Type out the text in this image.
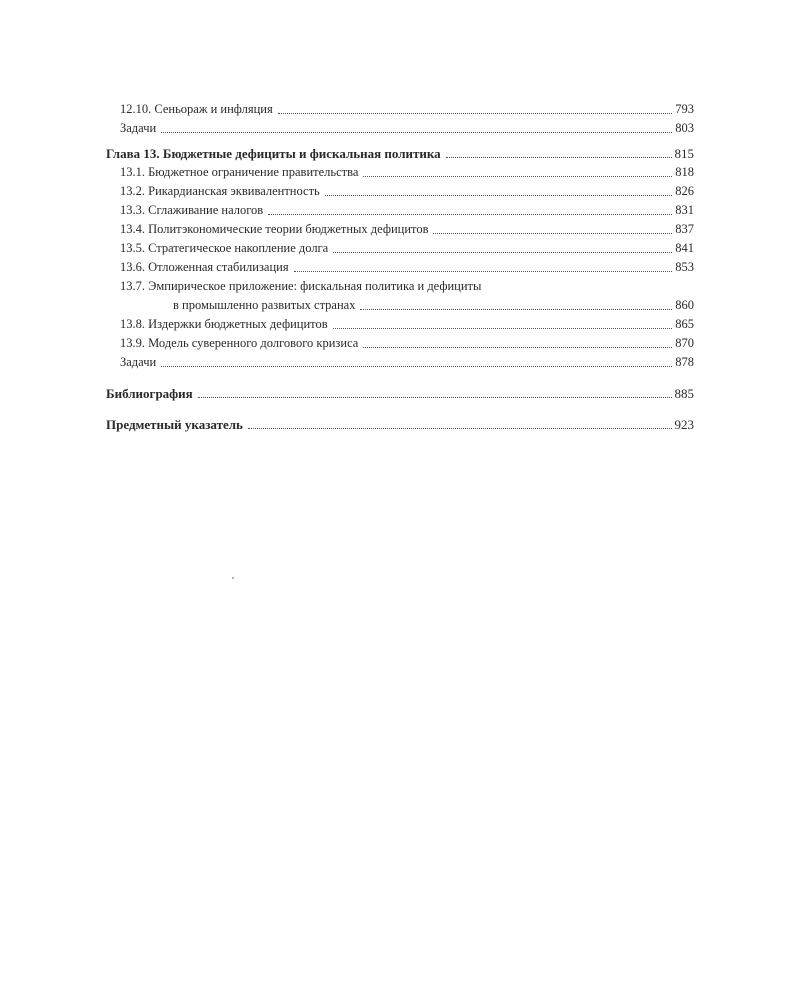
12.10. Сеньораж и инфляция	793
Задачи	803
Глава 13. Бюджетные дефициты и фискальная политика	815
13.1. Бюджетное ограничение правительства	818
13.2. Рикардианская эквивалентность	826
13.3. Сглаживание налогов	831
13.4. Политэкономические теории бюджетных дефицитов	837
13.5. Стратегическое накопление долга	841
13.6. Отложенная стабилизация	853
13.7. Эмпирическое приложение: фискальная политика и дефициты
в промышленно развитых странах	860
13.8. Издержки бюджетных дефицитов	865
13.9. Модель суверенного долгового кризиса	870
Задачи	878
Библиография	885
Предметный указатель	923
